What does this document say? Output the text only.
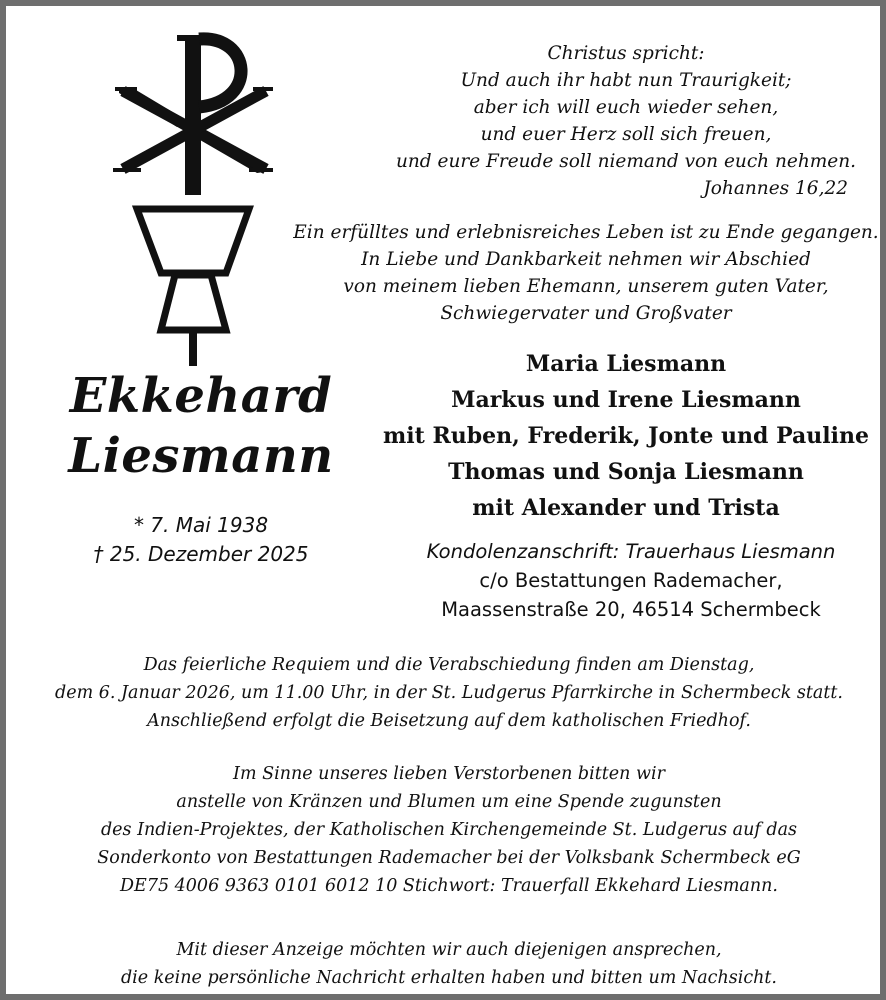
Ekkehard
Liesmann
* 7. Mai 1938
† 25. Dezember 2025
Christus spricht:
Und auch ihr habt nun Traurigkeit;
aber ich will euch wieder sehen,
und euer Herz soll sich freuen,
und eure Freude soll niemand von euch nehmen.
Johannes 16,22
Ein erfülltes und erlebnisreiches Leben ist zu Ende gegangen.
In Liebe und Dankbarkeit nehmen wir Abschied
von meinem lieben Ehemann, unserem guten Vater,
Schwiegervater und Großvater
Maria Liesmann
Markus und Irene Liesmann
mit Ruben, Frederik, Jonte und Pauline
Thomas und Sonja Liesmann
mit Alexander und Trista
Kondolenzanschrift: Trauerhaus Liesmann
c/o Bestattungen Rademacher,
Maassenstraße 20, 46514 Schermbeck
Das feierliche Requiem und die Verabschiedung finden am Dienstag,
dem 6. Januar 2026, um 11.00 Uhr, in der St. Ludgerus Pfarrkirche in Schermbeck statt.
Anschließend erfolgt die Beisetzung auf dem katholischen Friedhof.
Im Sinne unseres lieben Verstorbenen bitten wir
anstelle von Kränzen und Blumen um eine Spende zugunsten
des Indien-Projektes, der Katholischen Kirchengemeinde St. Ludgerus auf das
Sonderkonto von Bestattungen Rademacher bei der Volksbank Schermbeck eG
DE75 4006 9363 0101 6012 10 Stichwort: Trauerfall Ekkehard Liesmann.
Mit dieser Anzeige möchten wir auch diejenigen ansprechen,
die keine persönliche Nachricht erhalten haben und bitten um Nachsicht.
